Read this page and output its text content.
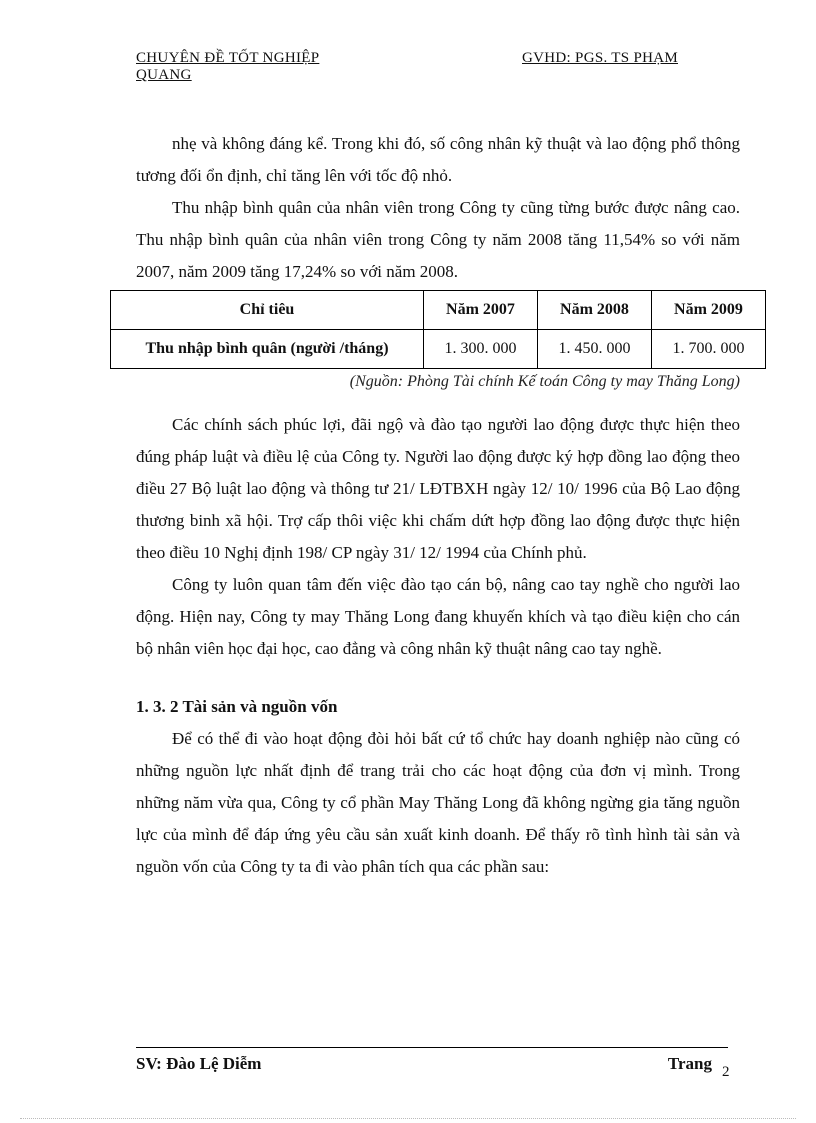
CHUYÊN ĐỀ TỐT NGHIỆP	GVHD: PGS. TS PHẠM
QUANG

nhẹ và không đáng kể. Trong khi đó, số công nhân kỹ thuật và lao động phổ thông tương đối ổn định, chỉ tăng lên với tốc độ nhỏ.

Thu nhập bình quân của nhân viên trong Công ty cũng từng bước được nâng cao. Thu nhập bình quân của nhân viên trong Công ty năm 2008 tăng 11,54% so với năm 2007, năm 2009 tăng 17,24% so với năm 2008.

Chỉ tiêu	Năm 2007	Năm 2008	Năm 2009
Thu nhập bình quân (người /tháng)	1. 300. 000	1. 450. 000	1. 700. 000
(Nguồn: Phòng Tài chính Kế toán Công ty may Thăng Long)

Các chính sách phúc lợi, đãi ngộ và đào tạo người lao động được thực hiện theo đúng pháp luật và điều lệ của Công ty. Người lao động được ký hợp đồng lao động theo điều 27 Bộ luật lao động và thông tư 21/ LĐTBXH ngày 12/ 10/ 1996 của Bộ Lao động thương binh xã hội. Trợ cấp thôi việc khi chấm dứt hợp đồng lao động được thực hiện theo điều 10 Nghị định 198/ CP ngày 31/ 12/ 1994 của Chính phủ.

Công ty luôn quan tâm đến việc đào tạo cán bộ, nâng cao tay nghề cho người lao động. Hiện nay, Công ty may Thăng Long đang khuyến khích và tạo điều kiện cho cán bộ nhân viên học đại học, cao đẳng và công nhân kỹ thuật nâng cao tay nghề.

1. 3. 2 Tài sản và nguồn vốn

Để có thể đi vào hoạt động đòi hỏi bất cứ tổ chức hay doanh nghiệp nào cũng có những nguồn lực nhất định để trang trải cho các hoạt động của đơn vị mình. Trong những năm vừa qua, Công ty cổ phần May Thăng Long đã không ngừng gia tăng nguồn lực của mình để đáp ứng yêu cầu sản xuất kinh doanh. Để thấy rõ tình hình tài sản và nguồn vốn của Công ty ta đi vào phân tích qua các phần sau:

SV: Đào Lệ Diễm	Trang 2
